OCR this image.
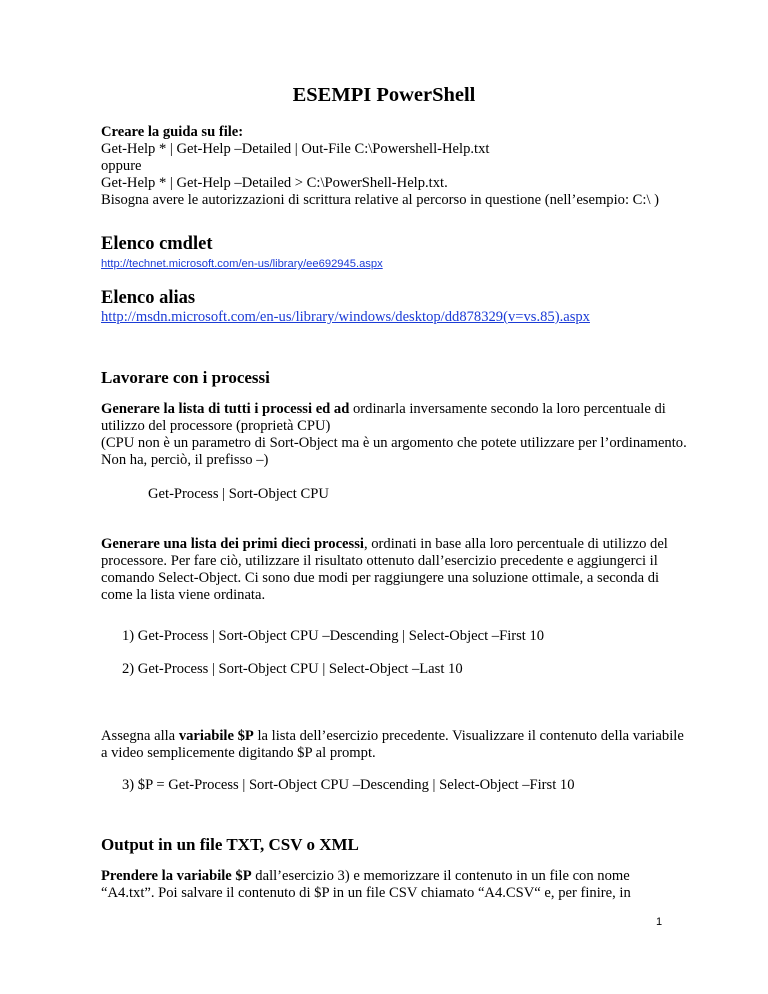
ESEMPI PowerShell
Creare la guida su file:
Get-Help * | Get-Help –Detailed | Out-File C:\Powershell-Help.txt
oppure
Get-Help * | Get-Help –Detailed > C:\PowerShell-Help.txt.
Bisogna avere le autorizzazioni di scrittura relative al percorso in questione (nell’esempio: C:\ )
Elenco cmdlet
http://technet.microsoft.com/en-us/library/ee692945.aspx
Elenco alias
http://msdn.microsoft.com/en-us/library/windows/desktop/dd878329(v=vs.85).aspx
Lavorare con i processi
Generare la lista di tutti i processi ed ad ordinarla inversamente secondo la loro percentuale di
utilizzo del processore (proprietà CPU)
(CPU non è un parametro di Sort-Object ma è un argomento che potete utilizzare per l’ordinamento.
Non ha, perciò, il prefisso –)
Get-Process | Sort-Object CPU
Generare una lista dei primi dieci processi, ordinati in base alla loro percentuale di utilizzo del
processore. Per fare ciò, utilizzare il risultato ottenuto dall’esercizio precedente e aggiungerci il
comando Select-Object. Ci sono due modi per raggiungere una soluzione ottimale, a seconda di
come la lista viene ordinata.
1) Get-Process | Sort-Object CPU –Descending | Select-Object –First 10
2) Get-Process | Sort-Object CPU | Select-Object –Last 10
Assegna alla variabile $P la lista dell’esercizio precedente. Visualizzare il contenuto della variabile
a video semplicemente digitando $P al prompt.
3) $P = Get-Process | Sort-Object CPU –Descending | Select-Object –First 10
Output in un file TXT, CSV o XML
Prendere la variabile $P dall’esercizio 3) e memorizzare il contenuto in un file con nome
“A4.txt”. Poi salvare il contenuto di $P in un file CSV chiamato “A4.CSV“ e, per finire, in
1
